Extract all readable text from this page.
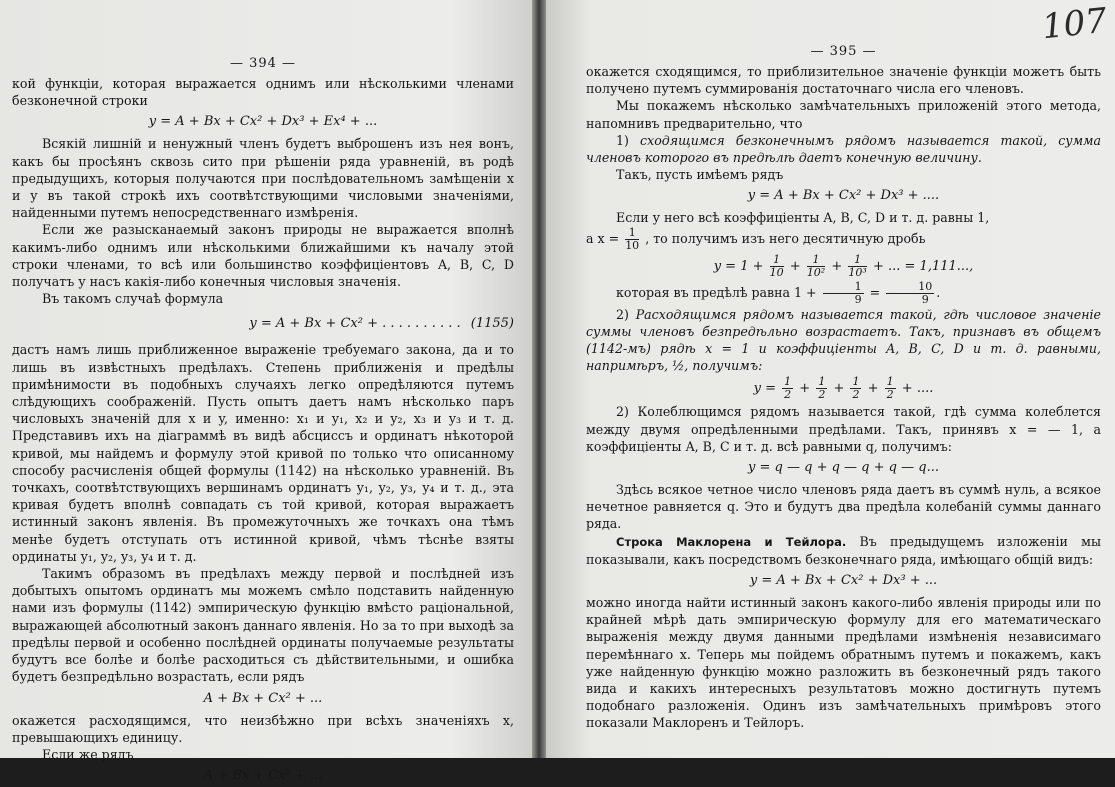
— 394 —

кой функціи, которая выражается однимъ или нѣсколькими членами безконечной строки

y = A + Bx + Cx² + Dx³ + Ex⁴ + ...

Всякій лишній и ненужный членъ будетъ выброшенъ изъ нея вонъ, какъ бы просѣянъ сквозь сито при рѣшеніи ряда уравненій, въ родѣ предыдущихъ, которыя получаются при послѣдовательномъ замѣщеніи x и y въ такой строкѣ ихъ соотвѣтствующими числовыми значеніями, найденными путемъ непосредственнаго измѣренія.

Если же разысканаемый законъ природы не выражается вполнѣ какимъ-либо однимъ или нѣсколькими ближайшими къ началу этой строки членами, то всѣ или большинство коэффиціентовъ A, B, C, D получатъ у насъ какія-либо конечныя числовыя значенія.

Въ такомъ случаѣ формула

y = A + Bx + Cx² + . . . . . . . . . . (1155)

дастъ намъ лишь приближенное выраженіе требуемаго закона, да и то лишь въ извѣстныхъ предѣлахъ. Степень приближенія и предѣлы примѣнимости въ подобныхъ случаяхъ легко опредѣляются путемъ слѣдующихъ соображеній. Пусть опытъ даетъ намъ нѣсколько паръ числовыхъ значеній для x и y, именно: x₁ и y₁, x₂ и y₂, x₃ и y₃ и т. д. Представивъ ихъ на діаграммѣ въ видѣ абсциссъ и ординатъ нѣкоторой кривой, мы найдемъ и формулу этой кривой по только что описанному способу расчисленія общей формулы (1142) на нѣсколько уравненій. Въ точкахъ, соотвѣтствующихъ вершинамъ ординатъ y₁, y₂, y₃, y₄ и т. д., эта кривая будетъ вполнѣ совпадать съ той кривой, которая выражаетъ истинный законъ явленія. Въ промежуточныхъ же точкахъ она тѣмъ менѣе будетъ отступать отъ истинной кривой, чѣмъ тѣснѣе взяты ординаты y₁, y₂, y₃, y₄ и т. д.

Такимъ образомъ въ предѣлахъ между первой и послѣдней изъ добытыхъ опытомъ ординатъ мы можемъ смѣло подставить найденную нами изъ формулы (1142) эмпирическую функцію вмѣсто раціональной, выражающей абсолютный законъ даннаго явленія. Но за то при выходѣ за предѣлы первой и особенно послѣдней ординаты получаемые результаты будутъ все болѣе и болѣе расходиться съ дѣйствительными, и ошибка будетъ безпредѣльно возрастать, если рядъ

A + Bx + Cx² + ...

окажется расходящимся, что неизбѣжно при всѣхъ значеніяхъ x, превышающихъ единицу.

Если же рядъ

A + Bx + Cx² + ...
107
— 395 —

окажется сходящимся, то приблизительное значеніе функціи можетъ быть получено путемъ суммированія достаточнаго числа его членовъ.

Мы покажемъ нѣсколько замѣчательныхъ приложеній этого метода, напомнивъ предварительно, что

1) сходящимся безконечнымъ рядомъ называется такой, сумма членовъ которого въ предѣлѣ даетъ конечную величину.

Такъ, пусть имѣемъ рядъ

y = A + Bx + Cx² + Dx³ + ....

Если у него всѣ коэффиціенты A, B, C, D и т. д. равны 1,

а $x = \frac{1}{10}$ , то получимъ изъ него десятичную дробь

$y = 1 + \frac{1}{10} + \frac{1}{\text{10²}} + \frac{1}{\text{10³}}$ + ... = 1,111...,

которая въ предѣлѣ равна $1 + \frac{1}{9} = \frac{10}{9}$ .

2) Расходящимся рядомъ называется такой, гдѣ числовое значеніе суммы членовъ безпредѣльно возрастаетъ. Такъ, признавъ въ общемъ (1142-мъ) рядѣ x = 1 и коэффиціенты A, B, C, D и т. д. равными, напримѣръ, ½, получимъ:

$y = \frac{1}{2} + \frac{1}{2} + \frac{1}{2} + \frac{1}{2}$ + ....

2) Колеблющимся рядомъ называется такой, гдѣ сумма колеблется между двумя опредѣленными предѣлами. Такъ, принявъ x = — 1, а коэффиціенты A, B, C и т. д. всѣ равными q, получимъ:

y = q — q + q — q + q — q...

Здѣсь всякое четное число членовъ ряда даетъ въ суммѣ нуль, а всякое нечетное равняется q. Это и будутъ два предѣла колебаній суммы даннаго ряда.

Строка Маклорена и Тейлора. Въ предыдущемъ изложеніи мы показывали, какъ посредствомъ безконечнаго ряда, имѣющаго общій видъ:

y = A + Bx + Cx² + Dx³ + ...

можно иногда найти истинный законъ какого-либо явленія природы или по крайней мѣрѣ дать эмпирическую формулу для его математическаго выраженія между двумя данными предѣлами измѣненія независимаго перемѣннаго x. Теперь мы пойдемъ обратнымъ путемъ и покажемъ, какъ уже найденную функцію можно разложить въ безконечный рядъ такого вида и какихъ интересныхъ результатовъ можно достигнуть путемъ подобнаго разложенія. Одинъ изъ замѣчательныхъ примѣровъ этого показали Маклоренъ и Тейлоръ.
